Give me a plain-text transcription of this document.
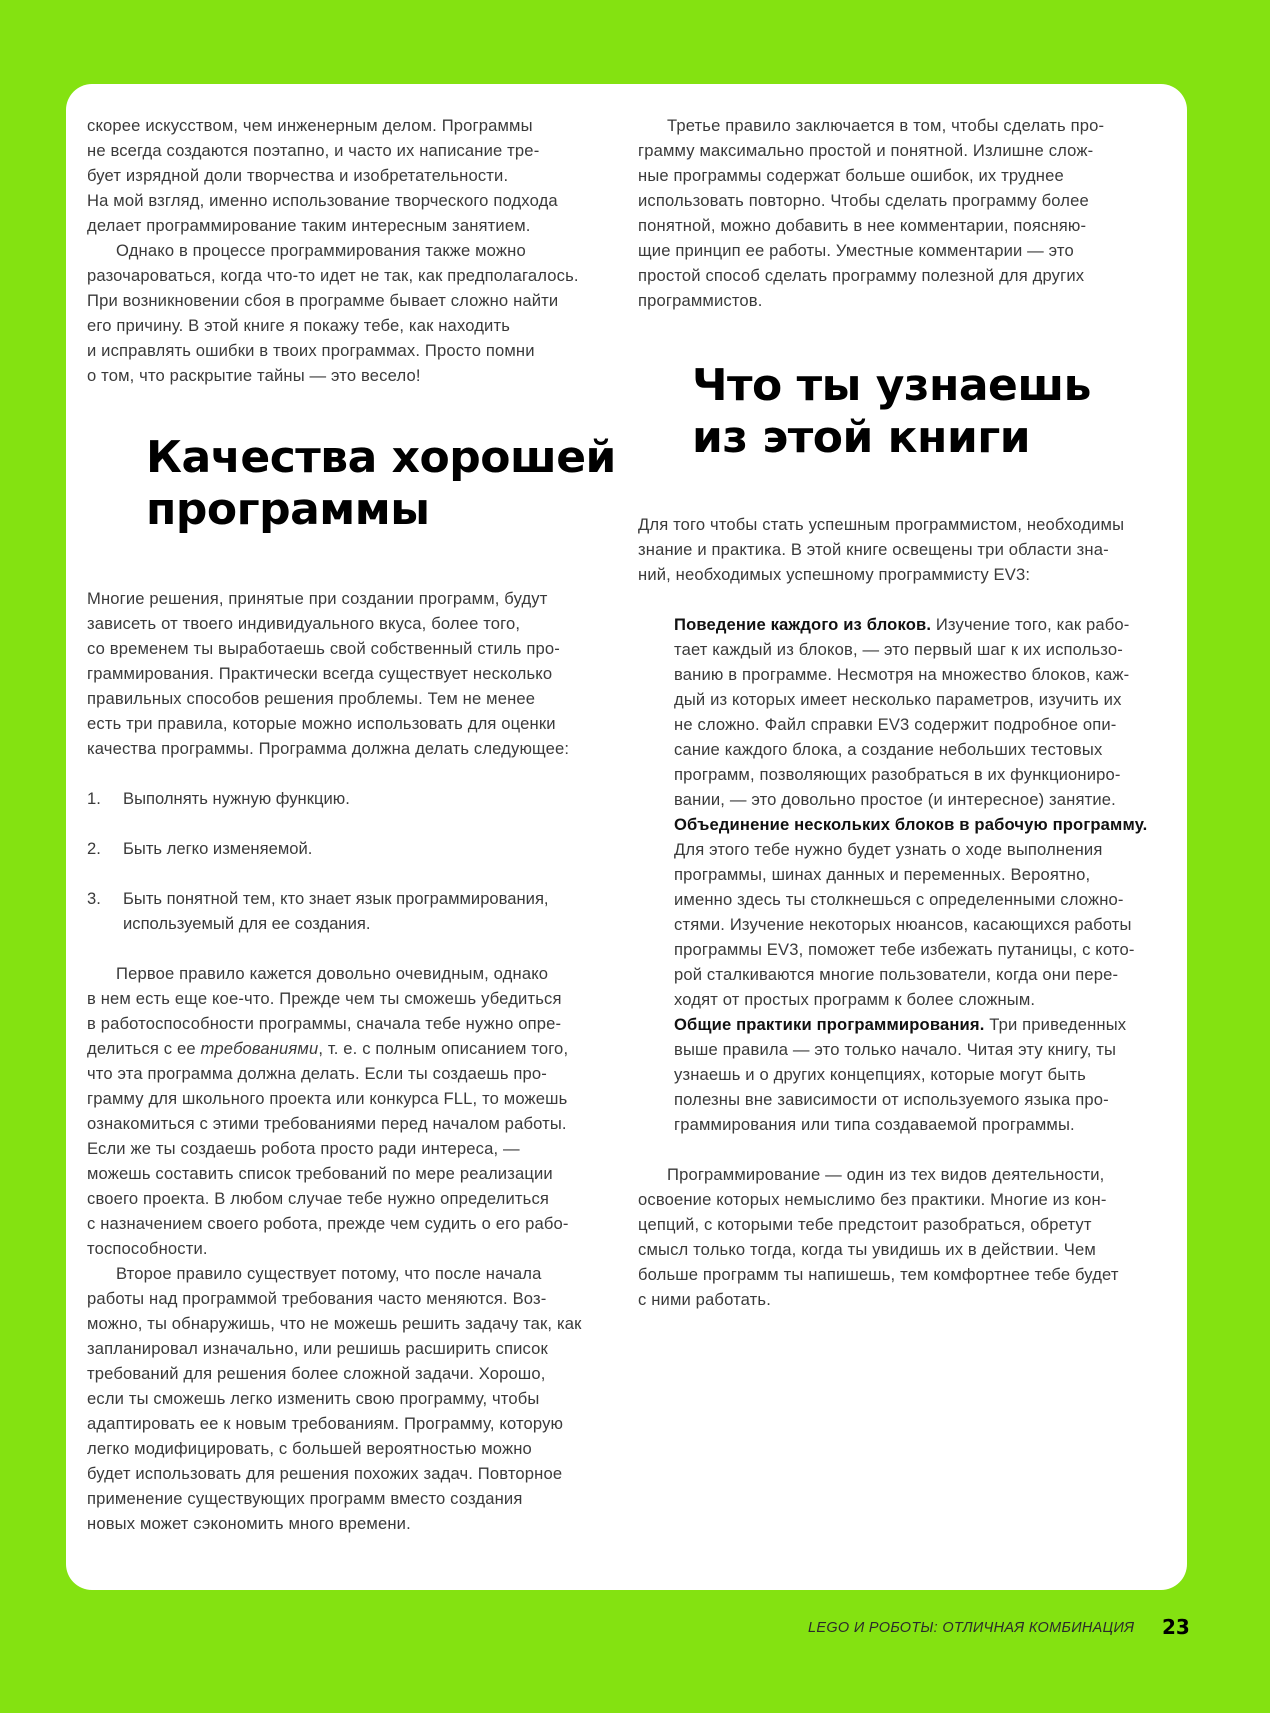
скорее искусством, чем инженерным делом. Программы
не всегда создаются поэтапно, и часто их написание тре-
бует изрядной доли творчества и изобретательности.
На мой взгляд, именно использование творческого подхода
делает программирование таким интересным занятием.
Однако в процессе программирования также можно
разочароваться, когда что-то идет не так, как предполагалось.
При возникновении сбоя в программе бывает сложно найти
его причину. В этой книге я покажу тебе, как находить
и исправлять ошибки в твоих программах. Просто помни
о том, что раскрытие тайны — это весело!
Качества хорошей
программы
Многие решения, принятые при создании программ, будут
зависеть от твоего индивидуального вкуса, более того,
со временем ты выработаешь свой собственный стиль про-
граммирования. Практически всегда существует несколько
правильных способов решения проблемы. Тем не менее
есть три правила, которые можно использовать для оценки
качества программы. Программа должна делать следующее:
1.	Выполнять нужную функцию.
2.	Быть легко изменяемой.
3.	Быть понятной тем, кто знает язык программирования,
используемый для ее создания.
Первое правило кажется довольно очевидным, однако
в нем есть еще кое-что. Прежде чем ты сможешь убедиться
в работоспособности программы, сначала тебе нужно опре-
делиться с ее требованиями, т. е. с полным описанием того,
что эта программа должна делать. Если ты создаешь про-
грамму для школьного проекта или конкурса FLL, то можешь
ознакомиться с этими требованиями перед началом работы.
Если же ты создаешь робота просто ради интереса, —
можешь составить список требований по мере реализации
своего проекта. В любом случае тебе нужно определиться
с назначением своего робота, прежде чем судить о его рабо-
тоспособности.
Второе правило существует потому, что после начала
работы над программой требования часто меняются. Воз-
можно, ты обнаружишь, что не можешь решить задачу так, как
запланировал изначально, или решишь расширить список
требований для решения более сложной задачи. Хорошо,
если ты сможешь легко изменить свою программу, чтобы
адаптировать ее к новым требованиям. Программу, которую
легко модифицировать, с большей вероятностью можно
будет использовать для решения похожих задач. Повторное
применение существующих программ вместо создания
новых может сэкономить много времени.
Третье правило заключается в том, чтобы сделать про-
грамму максимально простой и понятной. Излишне слож-
ные программы содержат больше ошибок, их труднее
использовать повторно. Чтобы сделать программу более
понятной, можно добавить в нее комментарии, поясняю-
щие принцип ее работы. Уместные комментарии — это
простой способ сделать программу полезной для других
программистов.
Что ты узнаешь
из этой книги
Для того чтобы стать успешным программистом, необходимы
знание и практика. В этой книге освещены три области зна-
ний, необходимых успешному программисту EV3:
Поведение каждого из блоков. Изучение того, как рабо-
тает каждый из блоков, — это первый шаг к их использо-
ванию в программе. Несмотря на множество блоков, каж-
дый из которых имеет несколько параметров, изучить их
не сложно. Файл справки EV3 содержит подробное опи-
сание каждого блока, а создание небольших тестовых
программ, позволяющих разобраться в их функциониро-
вании, — это довольно простое (и интересное) занятие.
Объединение нескольких блоков в рабочую программу.
Для этого тебе нужно будет узнать о ходе выполнения
программы, шинах данных и переменных. Вероятно,
именно здесь ты столкнешься с определенными сложно-
стями. Изучение некоторых нюансов, касающихся работы
программы EV3, поможет тебе избежать путаницы, с кото-
рой сталкиваются многие пользователи, когда они пере-
ходят от простых программ к более сложным.
Общие практики программирования. Три приведенных
выше правила — это только начало. Читая эту книгу, ты
узнаешь и о других концепциях, которые могут быть
полезны вне зависимости от используемого языка про-
граммирования или типа создаваемой программы.
Программирование — один из тех видов деятельности,
освоение которых немыслимо без практики. Многие из кон-
цепций, с которыми тебе предстоит разобраться, обретут
смысл только тогда, когда ты увидишь их в действии. Чем
больше программ ты напишешь, тем комфортнее тебе будет
с ними работать.
LEGO И РОБОТЫ: ОТЛИЧНАЯ КОМБИНАЦИЯ 23
